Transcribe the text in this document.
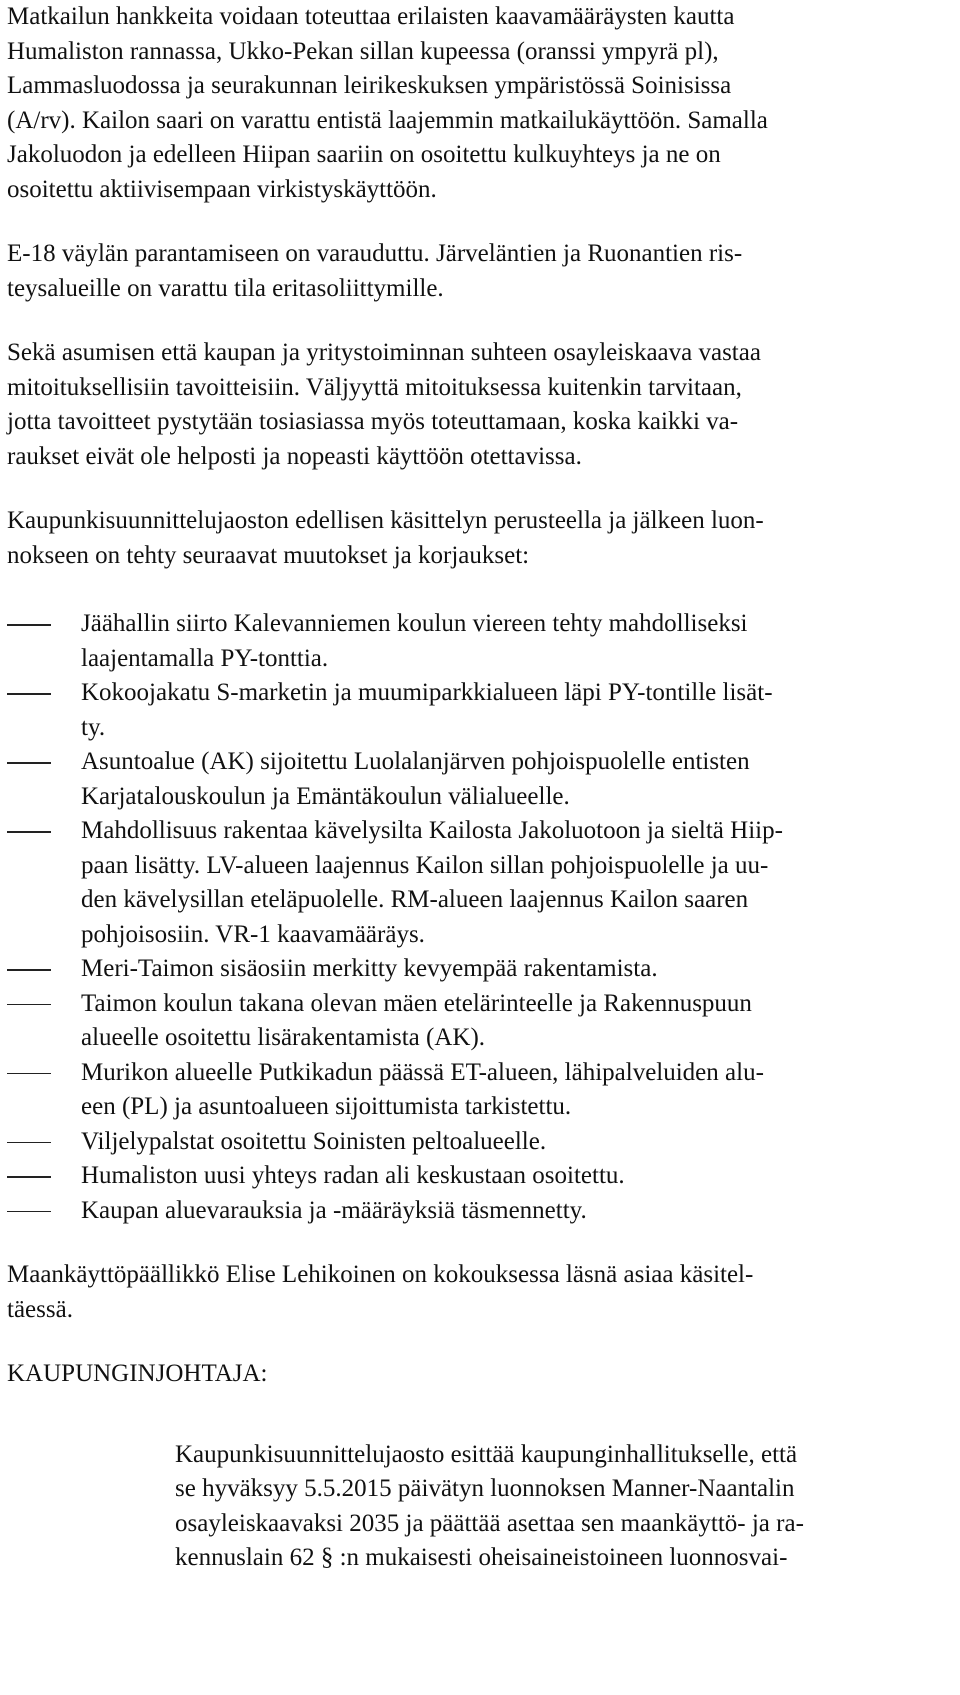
Matkailun hankkeita voidaan toteuttaa erilaisten kaavamääräysten kautta
Humaliston rannassa, Ukko-Pekan sillan kupeessa (oranssi ympyrä pl),
Lammasluodossa ja seurakunnan leirikeskuksen ympäristössä Soinisissa
(A/rv). Kailon saari on varattu entistä laajemmin matkailukäyttöön. Samalla
Jakoluodon ja edelleen Hiipan saariin on osoitettu kulkuyhteys ja ne on
osoitettu aktiivisempaan virkistyskäyttöön.

E-18 väylän parantamiseen on varauduttu. Järveläntien ja Ruonantien ris-
teysalueille on varattu tila eritasoliittymille.

Sekä asumisen että kaupan ja yritystoiminnan suhteen osayleiskaava vastaa
mitoituksellisiin tavoitteisiin. Väljyyttä mitoituksessa kuitenkin tarvitaan,
jotta tavoitteet pystytään tosiasiassa myös toteuttamaan, koska kaikki va-
raukset eivät ole helposti ja nopeasti käyttöön otettavissa.

Kaupunkisuunnittelujaoston edellisen käsittelyn perusteella ja jälkeen luon-
nokseen on tehty seuraavat muutokset ja korjaukset:

Jäähallin siirto Kalevanniemen koulun viereen tehty mahdolliseksi
laajentamalla PY-tonttia.
Kokoojakatu S-marketin ja muumiparkkialueen läpi PY-tontille lisät-
ty.
Asuntoalue (AK) sijoitettu Luolalanjärven pohjoispuolelle entisten
Karjatalouskoulun ja Emäntäkoulun välialueelle.
Mahdollisuus rakentaa kävelysilta Kailosta Jakoluotoon ja sieltä Hiip-
paan lisätty. LV-alueen laajennus Kailon sillan pohjoispuolelle ja uu-
den kävelysillan eteläpuolelle. RM-alueen laajennus Kailon saaren
pohjoisosiin. VR-1 kaavamääräys.
Meri-Taimon sisäosiin merkitty kevyempää rakentamista.
Taimon koulun takana olevan mäen etelärinteelle ja Rakennuspuun
alueelle osoitettu lisärakentamista (AK).
Murikon alueelle Putkikadun päässä ET-alueen, lähipalveluiden alu-
een (PL) ja asuntoalueen sijoittumista tarkistettu.
Viljelypalstat osoitettu Soinisten peltoalueelle.
Humaliston uusi yhteys radan ali keskustaan osoitettu.
Kaupan aluevarauksia ja -määräyksiä täsmennetty.

Maankäyttöpäällikkö Elise Lehikoinen on kokouksessa läsnä asiaa käsitel-
täessä.

KAUPUNGINJOHTAJA:

Kaupunkisuunnittelujaosto esittää kaupunginhallitukselle, että
se hyväksyy 5.5.2015 päivätyn luonnoksen Manner-Naantalin
osayleiskaavaksi 2035 ja päättää asettaa sen maankäyttö- ja ra-
kennuslain 62 § :n mukaisesti oheisaineistoineen luonnosvai-
